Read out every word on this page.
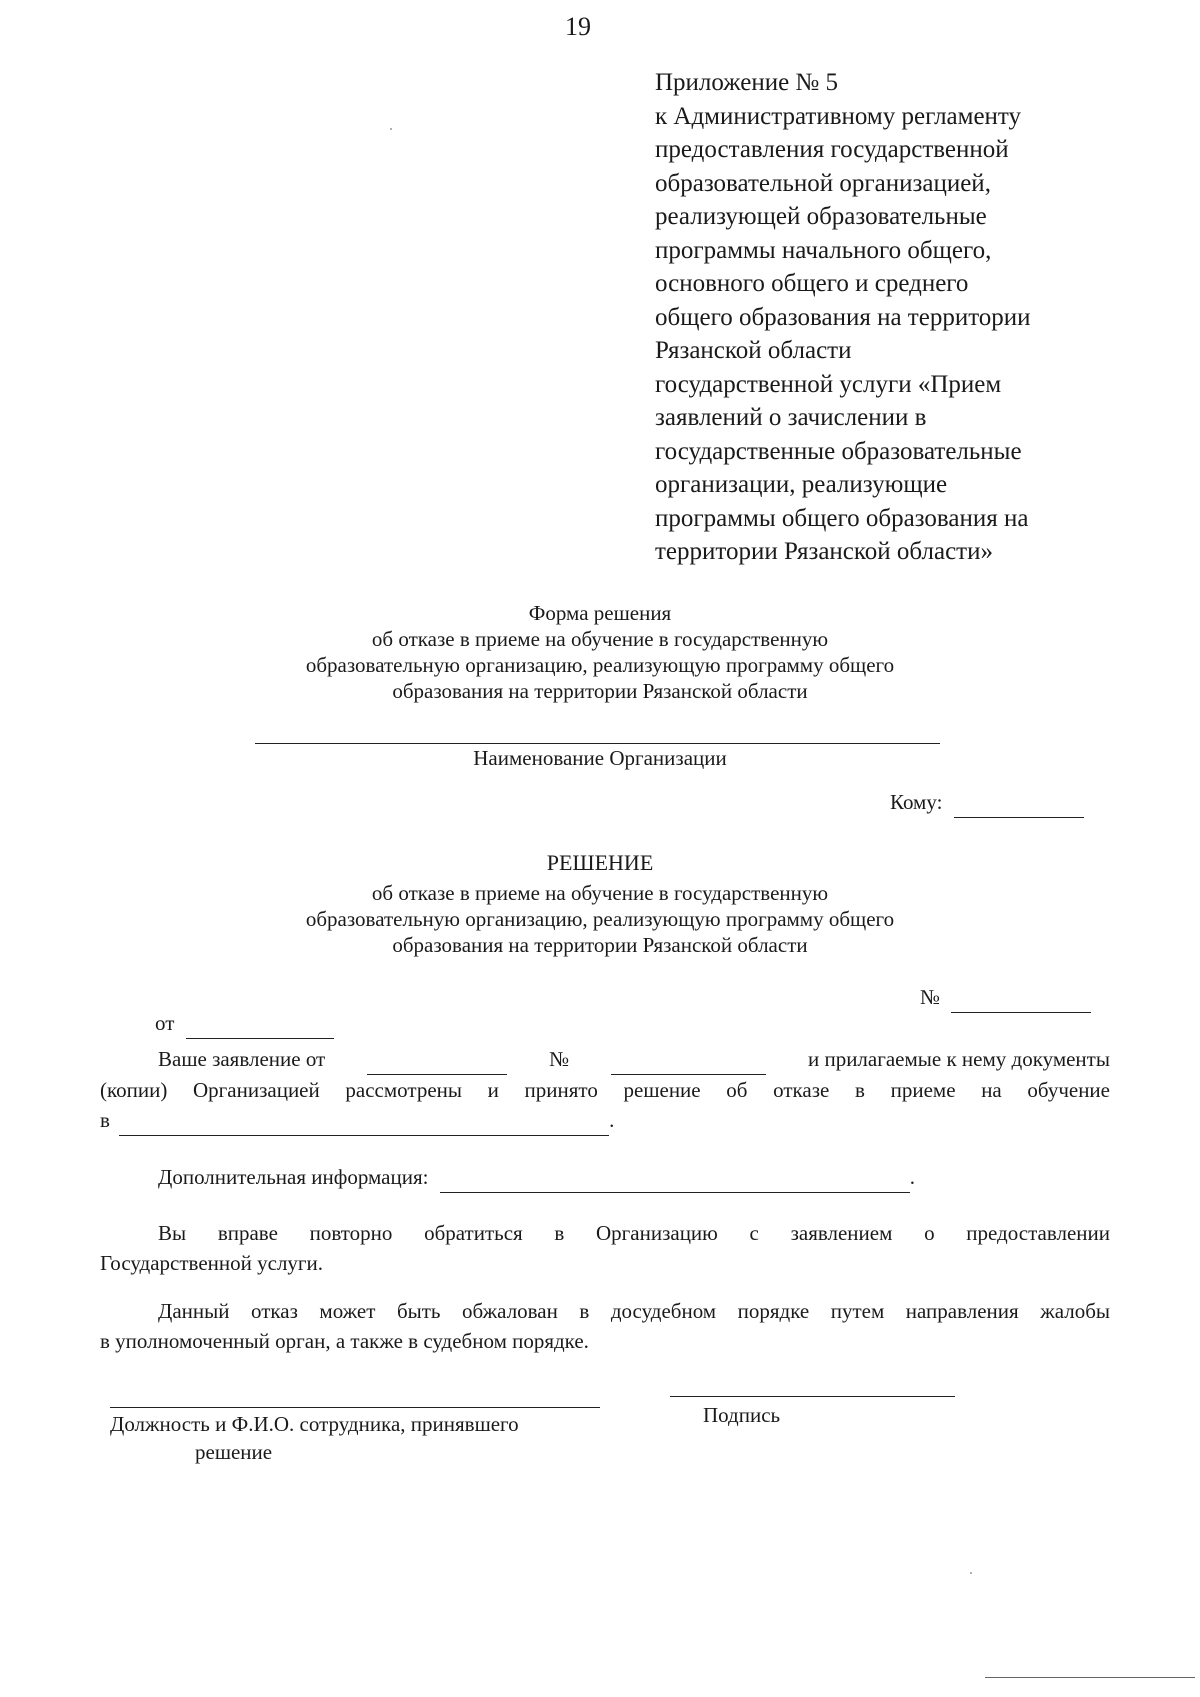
19
Приложение № 5
к Административному регламенту
предоставления государственной
образовательной организацией,
реализующей образовательные
программы начального общего,
основного общего и среднего
общего образования на территории
Рязанской области
государственной услуги «Прием
заявлений о зачислении в
государственные образовательные
организации, реализующие
программы общего образования на
территории Рязанской области»
Форма решения
об отказе в приеме на обучение в государственную
образовательную организацию, реализующую программу общего
образования на территории Рязанской области
Наименование Организации
Кому:
РЕШЕНИЕ
об отказе в приеме на обучение в государственную
образовательную организацию, реализующую программу общего
образования на территории Рязанской области
№
от
Ваше заявление от
	№
	и прилагаемые к нему документы
(копии) Организацией рассмотрены и принято решение об отказе в приеме на обучение
в	.
Дополнительная информация:	.
Вы вправе повторно обратиться в Организацию с заявлением о предоставлении
Государственной услуги.
Данный отказ может быть обжалован в досудебном порядке путем направления жалобы
в уполномоченный орган, а также в судебном порядке.
Должность и Ф.И.О. сотрудника, принявшего
решение
Подпись
